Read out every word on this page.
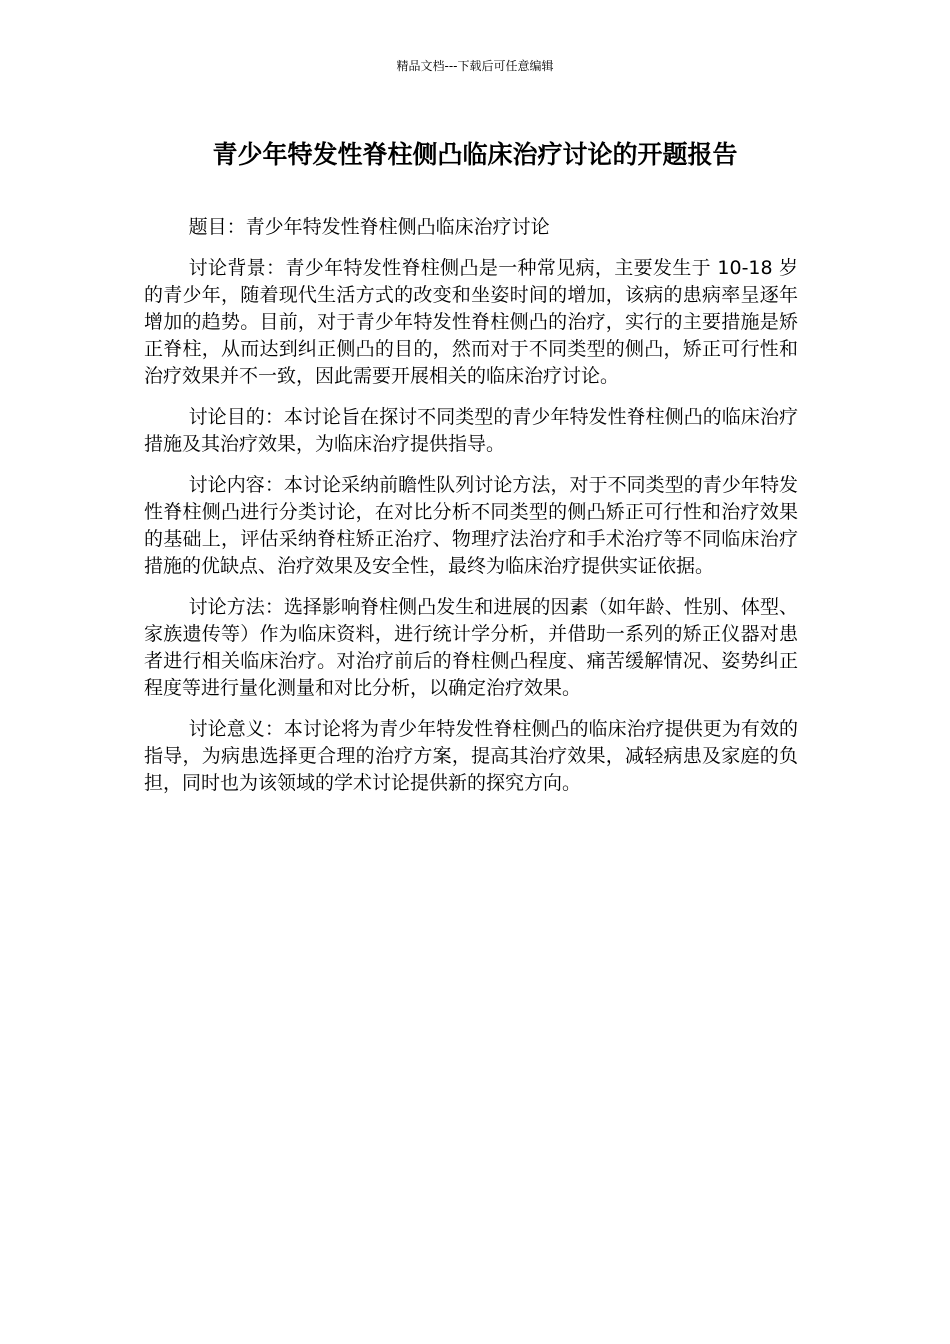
精品文档---下载后可任意编辑
青少年特发性脊柱侧凸临床治疗讨论的开题报告

题目：青少年特发性脊柱侧凸临床治疗讨论

讨论背景：青少年特发性脊柱侧凸是一种常见病，主要发生于 10-18 岁的青少年，随着现代生活方式的改变和坐姿时间的增加，该病的患病率呈逐年增加的趋势。目前，对于青少年特发性脊柱侧凸的治疗，实行的主要措施是矫正脊柱，从而达到纠正侧凸的目的，然而对于不同类型的侧凸，矫正可行性和治疗效果并不一致，因此需要开展相关的临床治疗讨论。

讨论目的：本讨论旨在探讨不同类型的青少年特发性脊柱侧凸的临床治疗措施及其治疗效果，为临床治疗提供指导。

讨论内容：本讨论采纳前瞻性队列讨论方法，对于不同类型的青少年特发性脊柱侧凸进行分类讨论，在对比分析不同类型的侧凸矫正可行性和治疗效果的基础上，评估采纳脊柱矫正治疗、物理疗法治疗和手术治疗等不同临床治疗措施的优缺点、治疗效果及安全性，最终为临床治疗提供实证依据。

讨论方法：选择影响脊柱侧凸发生和进展的因素（如年龄、性别、体型、家族遗传等）作为临床资料，进行统计学分析，并借助一系列的矫正仪器对患者进行相关临床治疗。对治疗前后的脊柱侧凸程度、痛苦缓解情况、姿势纠正程度等进行量化测量和对比分析，以确定治疗效果。

讨论意义：本讨论将为青少年特发性脊柱侧凸的临床治疗提供更为有效的指导，为病患选择更合理的治疗方案，提高其治疗效果，减轻病患及家庭的负担，同时也为该领域的学术讨论提供新的探究方向。
